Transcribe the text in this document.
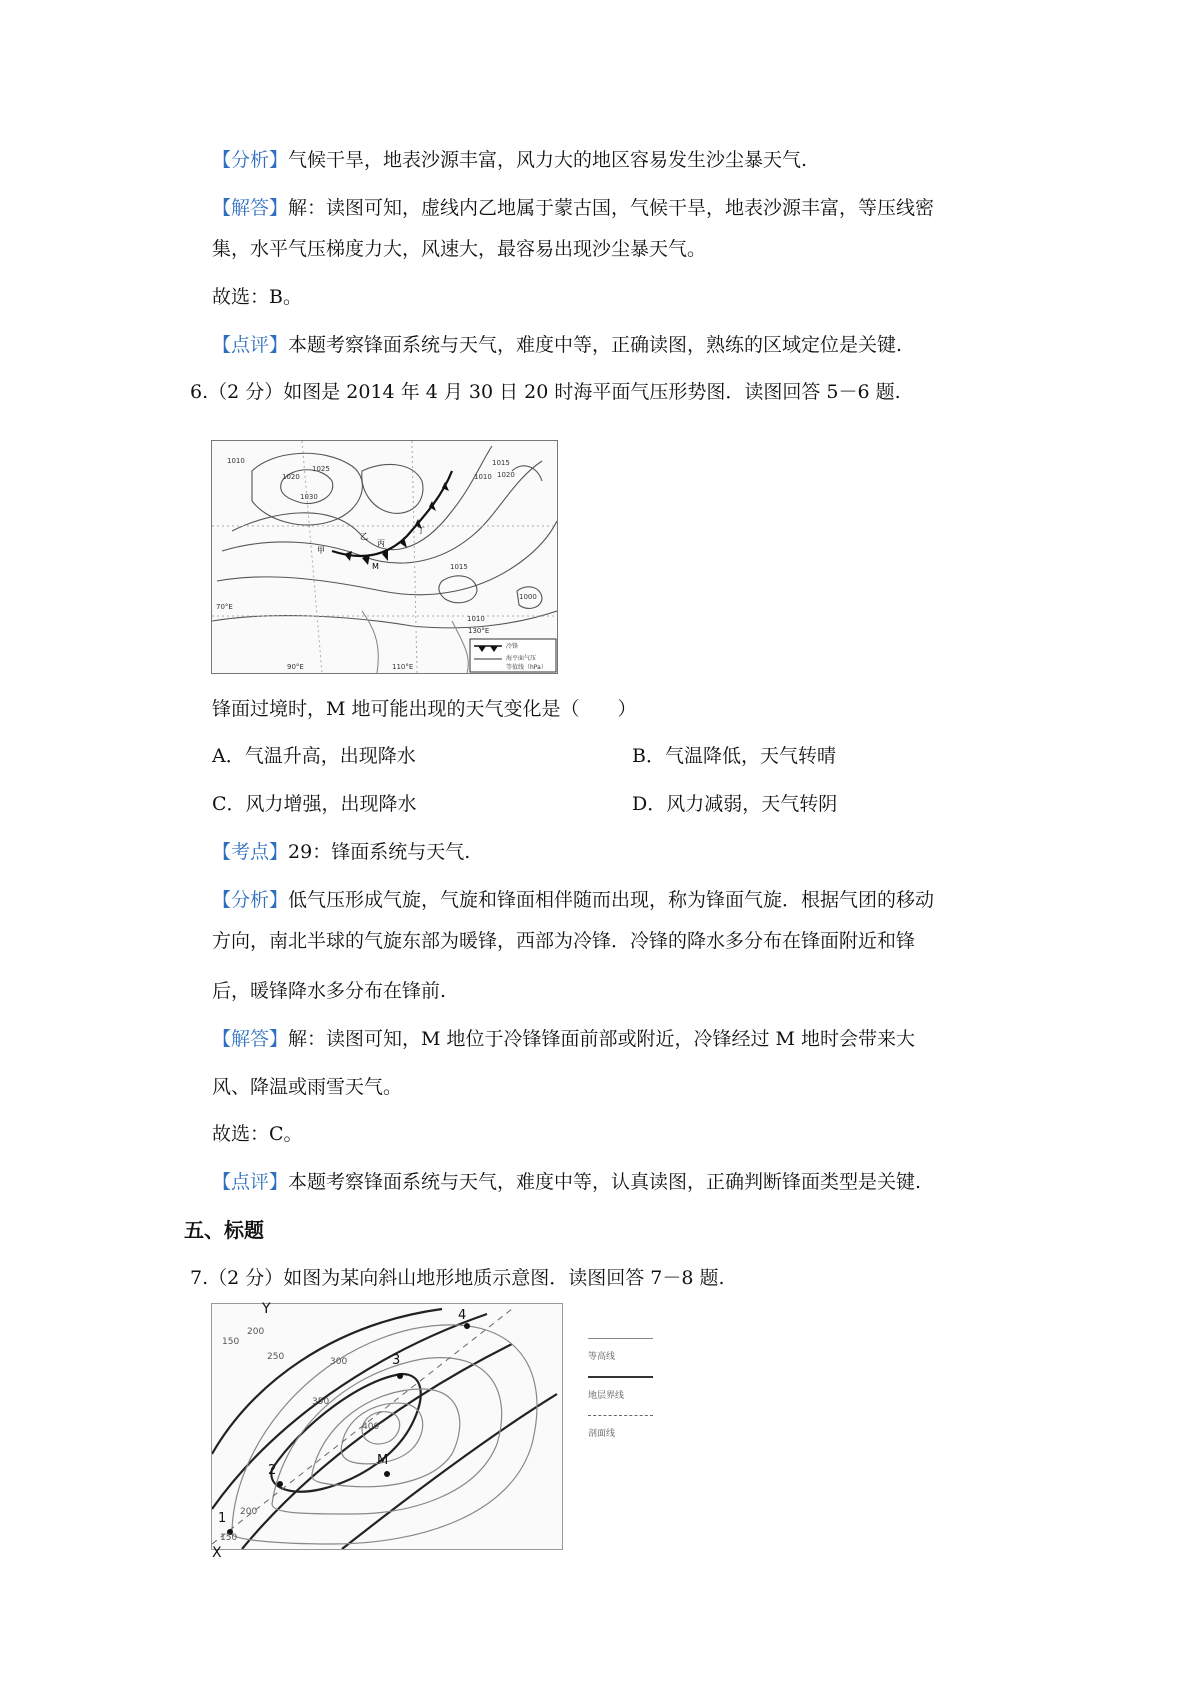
【分析】气候干旱，地表沙源丰富，风力大的地区容易发生沙尘暴天气.
【解答】解：读图可知，虚线内乙地属于蒙古国，气候干旱，地表沙源丰富，等压线密
集，水平气压梯度力大，风速大，最容易出现沙尘暴天气。
故选：B。
【点评】本题考察锋面系统与天气，难度中等，正确读图，熟练的区域定位是关键.
6.（2 分）如图是 2014 年 4 月 30 日 20 时海平面气压形势图．读图回答 5－6 题.
1010
1020
1025
1030
1010
1015
1020
1015
1010
1000
甲
乙
丙
丁
M
70°E
90°E	110°E
130°E
冷锋
海平面气压
等值线（hPa）
锋面过境时，M 地可能出现的天气变化是（　　）
A．气温升高，出现降水	B．气温降低，天气转晴
C．风力增强，出现降水	D．风力减弱，天气转阴
【考点】29：锋面系统与天气.
【分析】低气压形成气旋，气旋和锋面相伴随而出现，称为锋面气旋．根据气团的移动
方向，南北半球的气旋东部为暖锋，西部为冷锋．冷锋的降水多分布在锋面附近和锋
后，暖锋降水多分布在锋前.
【解答】解：读图可知，M 地位于冷锋锋面前部或附近，冷锋经过 M 地时会带来大
风、降温或雨雪天气。
故选：C。
【点评】本题考察锋面系统与天气，难度中等，认真读图，正确判断锋面类型是关键.
五、标题
7.（2 分）如图为某向斜山地形地质示意图．读图回答 7－8 题.
1
2
3
4
M
150
200
250	300
350
400
200
150
Y
X
等高线
地层界线
剖面线
